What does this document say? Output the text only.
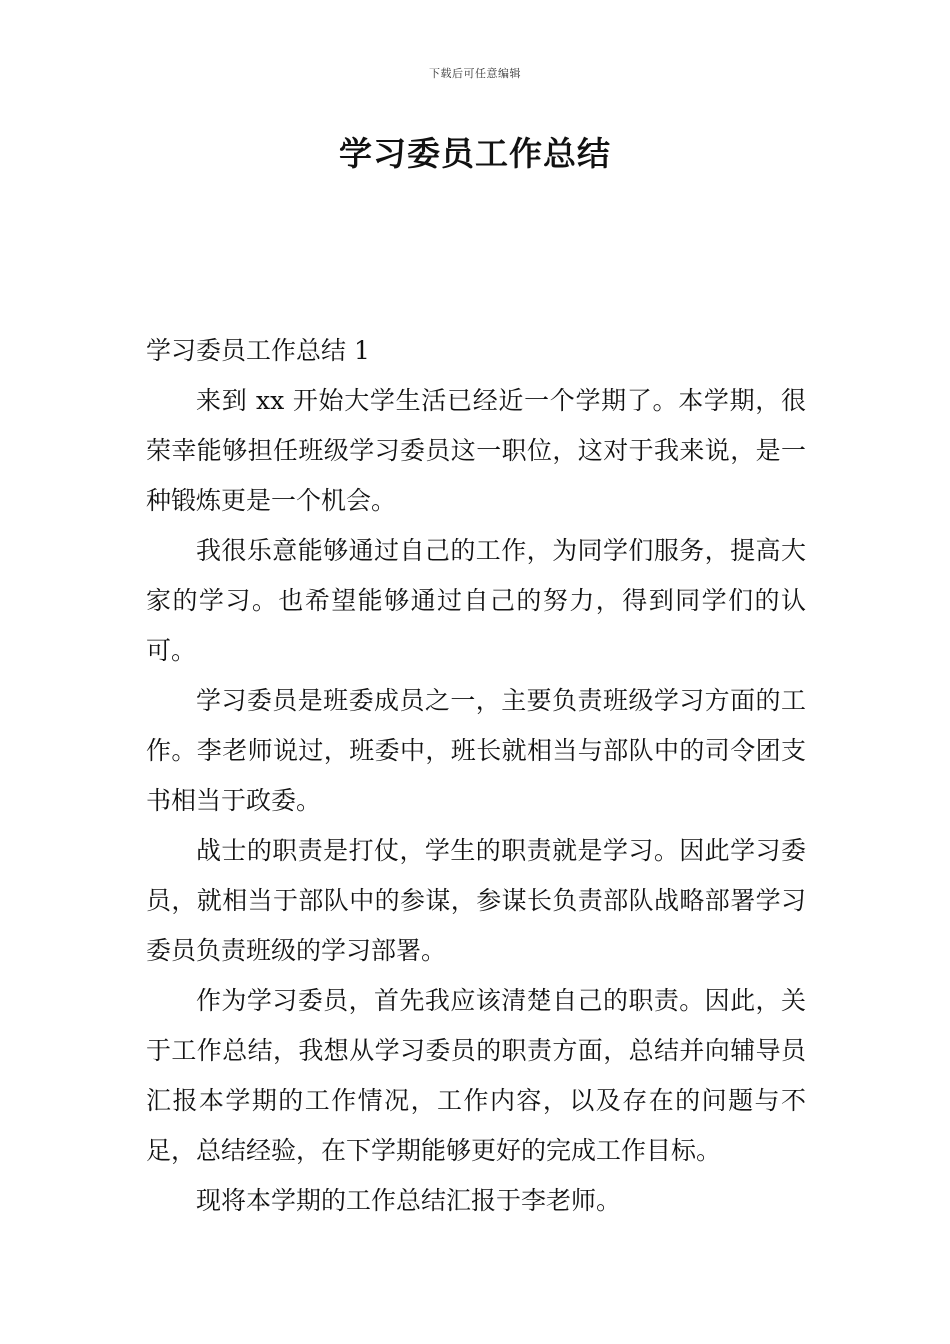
下载后可任意编辑
学习委员工作总结

学习委员工作总结 1

来到 xx 开始大学生活已经近一个学期了。本学期，很荣幸能够担任班级学习委员这一职位，这对于我来说，是一种锻炼更是一个机会。

我很乐意能够通过自己的工作，为同学们服务，提高大家的学习。也希望能够通过自己的努力，得到同学们的认可。

学习委员是班委成员之一，主要负责班级学习方面的工作。李老师说过，班委中，班长就相当与部队中的司令团支书相当于政委。

战士的职责是打仗，学生的职责就是学习。因此学习委员，就相当于部队中的参谋，参谋长负责部队战略部署学习委员负责班级的学习部署。

作为学习委员，首先我应该清楚自己的职责。因此，关于工作总结，我想从学习委员的职责方面，总结并向辅导员汇报本学期的工作情况，工作内容，以及存在的问题与不足，总结经验，在下学期能够更好的完成工作目标。

现将本学期的工作总结汇报于李老师。
